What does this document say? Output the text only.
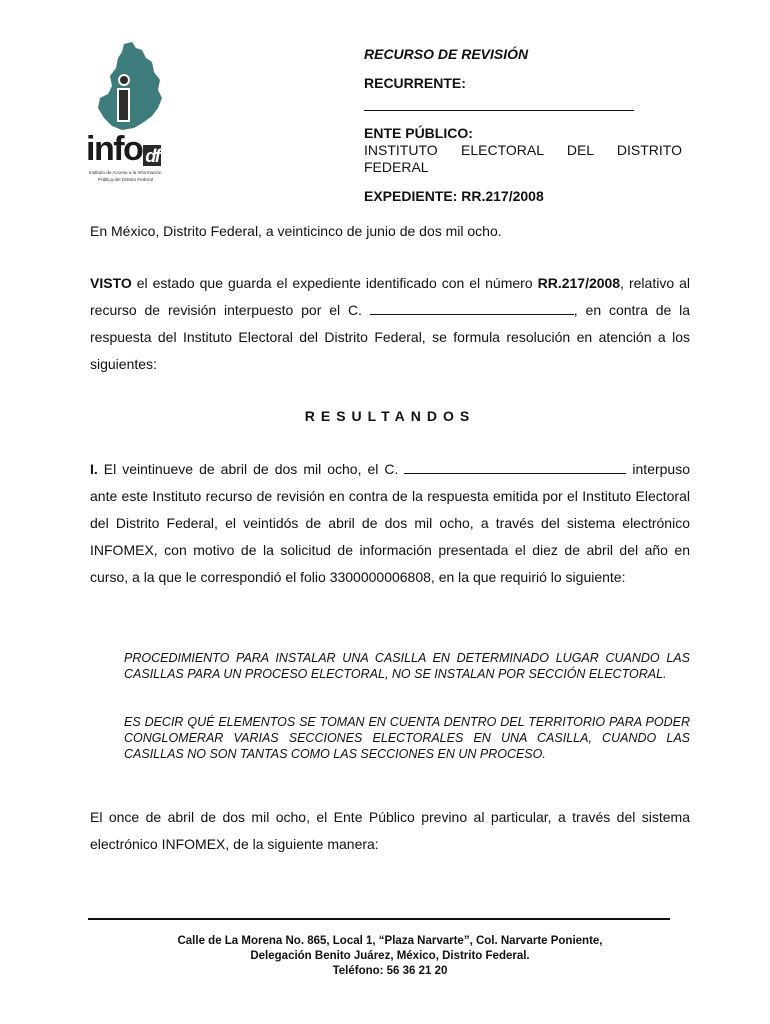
info df
Instituto de Acceso a la Información
Pública del Distrito Federal
RECURSO DE REVISIÓN
RECURRENTE:
ENTE PÚBLICO:
INSTITUTO ELECTORAL DEL DISTRITO FEDERAL
EXPEDIENTE: RR.217/2008
En México, Distrito Federal, a veinticinco de junio de dos mil ocho.
VISTO el estado que guarda el expediente identificado con el número RR.217/2008, relativo al recurso de revisión interpuesto por el C.	, en contra de la respuesta del Instituto Electoral del Distrito Federal, se formula resolución en atención a los siguientes:
RESULTANDOS
I. El veintinueve de abril de dos mil ocho, el C.	interpuso ante este Instituto recurso de revisión en contra de la respuesta emitida por el Instituto Electoral del Distrito Federal, el veintidós de abril de dos mil ocho, a través del sistema electrónico INFOMEX, con motivo de la solicitud de información presentada el diez de abril del año en curso, a la que le correspondió el folio 3300000006808, en la que requirió lo siguiente:
PROCEDIMIENTO PARA INSTALAR UNA CASILLA EN DETERMINADO LUGAR CUANDO LAS CASILLAS PARA UN PROCESO ELECTORAL, NO SE INSTALAN POR SECCIÓN ELECTORAL.
ES DECIR QUÉ ELEMENTOS SE TOMAN EN CUENTA DENTRO DEL TERRITORIO PARA PODER CONGLOMERAR VARIAS SECCIONES ELECTORALES EN UNA CASILLA, CUANDO LAS CASILLAS NO SON TANTAS COMO LAS SECCIONES EN UN PROCESO.
El once de abril de dos mil ocho, el Ente Público previno al particular, a través del sistema electrónico INFOMEX, de la siguiente manera:
Calle de La Morena No. 865, Local 1, “Plaza Narvarte”, Col. Narvarte Poniente,
Delegación Benito Juárez, México, Distrito Federal.
Teléfono: 56 36 21 20
